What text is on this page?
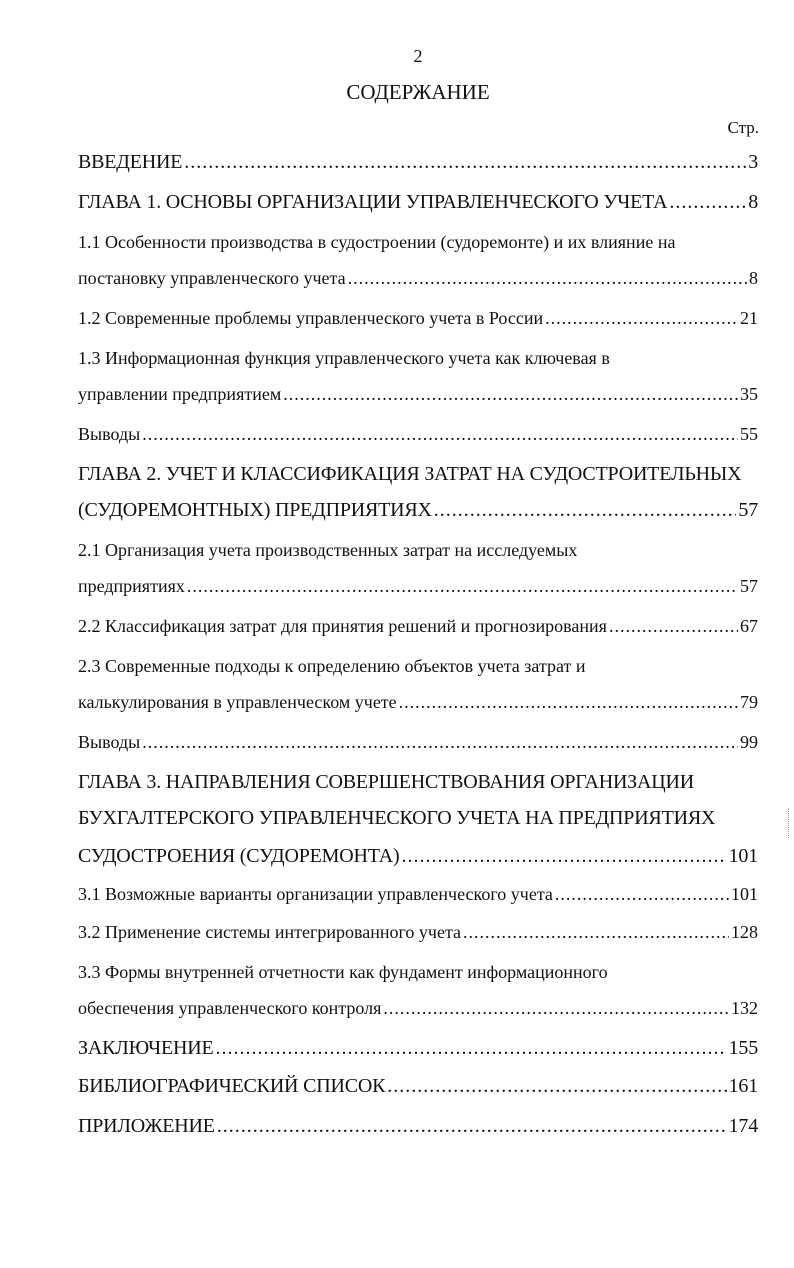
2
СОДЕРЖАНИЕ
Стр.
ВВЕДЕНИЕ .....	3
ГЛАВА 1. ОСНОВЫ ОРГАНИЗАЦИИ УПРАВЛЕНЧЕСКОГО УЧЕТА .....	8
1.1 Особенности производства в судостроении (судоремонте) и их влияние на
постановку управленческого учета .....	8
1.2 Современные проблемы управленческого учета в России .....	21
1.3 Информационная функция управленческого учета как ключевая в
управлении предприятием .....	35
Выводы .....	55
ГЛАВА 2. УЧЕТ И КЛАССИФИКАЦИЯ ЗАТРАТ НА СУДОСТРОИТЕЛЬНЫХ
(СУДОРЕМОНТНЫХ) ПРЕДПРИЯТИЯХ .....	57
2.1 Организация учета производственных затрат на исследуемых
предприятиях .....	57
2.2 Классификация затрат для принятия решений и прогнозирования .....	67
2.3 Современные подходы к определению объектов учета затрат и
калькулирования в управленческом учете .....	79
Выводы .....	99
ГЛАВА 3. НАПРАВЛЕНИЯ СОВЕРШЕНСТВОВАНИЯ ОРГАНИЗАЦИИ
БУХГАЛТЕРСКОГО УПРАВЛЕНЧЕСКОГО УЧЕТА НА ПРЕДПРИЯТИЯХ
СУДОСТРОЕНИЯ (СУДОРЕМОНТА) .....	101
3.1 Возможные варианты организации управленческого учета .....	101
3.2 Применение системы интегрированного учета .....	128
3.3 Формы внутренней отчетности как фундамент информационного
обеспечения управленческого контроля .....	132
ЗАКЛЮЧЕНИЕ .....	155
БИБЛИОГРАФИЧЕСКИЙ СПИСОК .....	161
ПРИЛОЖЕНИЕ .....	174
